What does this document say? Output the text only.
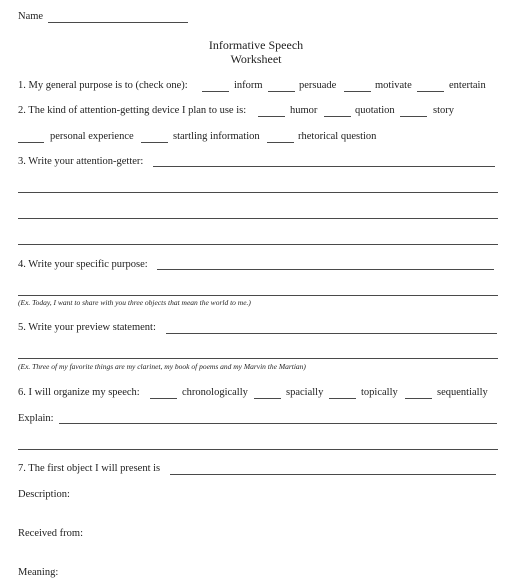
Name
Informative Speech
Worksheet
1. My general purpose is to (check one):	inform	persuade	motivate	entertain
2. The kind of attention-getting device I plan to use is:	humor	quotation	story
personal experience	startling information	rhetorical question
3. Write your attention-getter:
4. Write your specific purpose:
(Ex. Today, I want to share with you three objects that mean the world to me.)
5. Write your preview statement:
(Ex. Three of my favorite things are my clarinet, my book of poems and my Marvin the Martian)
6. I will organize my speech:	chronologically	spacially	topically	sequentially
Explain:
7. The first object I will present is
Description:
Received from:
Meaning:
